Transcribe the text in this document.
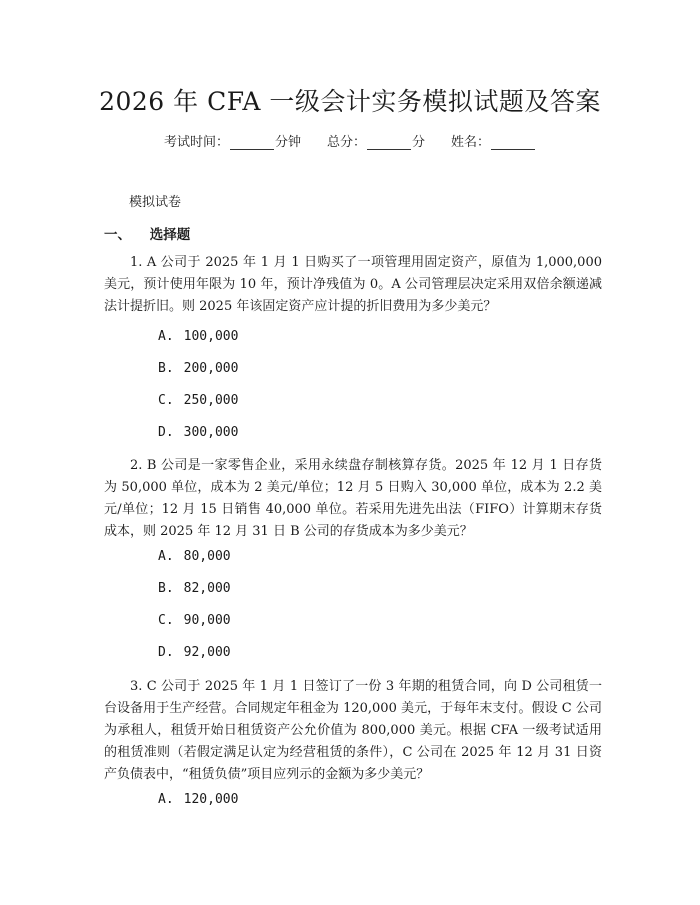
2026 年 CFA 一级会计实务模拟试题及答案
考试时间：	分钟 总分：	分 姓名：
模拟试卷
一、 选择题
1. A 公司于 2025 年 1 月 1 日购买了一项管理用固定资产，原值为 1,000,000 美元，预计使用年限为 10 年，预计净残值为 0。A 公司管理层决定采用双倍余额递减法计提折旧。则 2025 年该固定资产应计提的折旧费用为多少美元？
A. 100,000
B. 200,000
C. 250,000
D. 300,000
2. B 公司是一家零售企业，采用永续盘存制核算存货。2025 年 12 月 1 日存货为 50,000 单位，成本为 2 美元/单位；12 月 5 日购入 30,000 单位，成本为 2.2 美元/单位；12 月 15 日销售 40,000 单位。若采用先进先出法（FIFO）计算期末存货成本，则 2025 年 12 月 31 日 B 公司的存货成本为多少美元？
A. 80,000
B. 82,000
C. 90,000
D. 92,000
3. C 公司于 2025 年 1 月 1 日签订了一份 3 年期的租赁合同，向 D 公司租赁一台设备用于生产经营。合同规定年租金为 120,000 美元，于每年末支付。假设 C 公司为承租人，租赁开始日租赁资产公允价值为 800,000 美元。根据 CFA 一级考试适用的租赁准则（若假定满足认定为经营租赁的条件），C 公司在 2025 年 12 月 31 日资产负债表中，“租赁负债”项目应列示的金额为多少美元？
A. 120,000
